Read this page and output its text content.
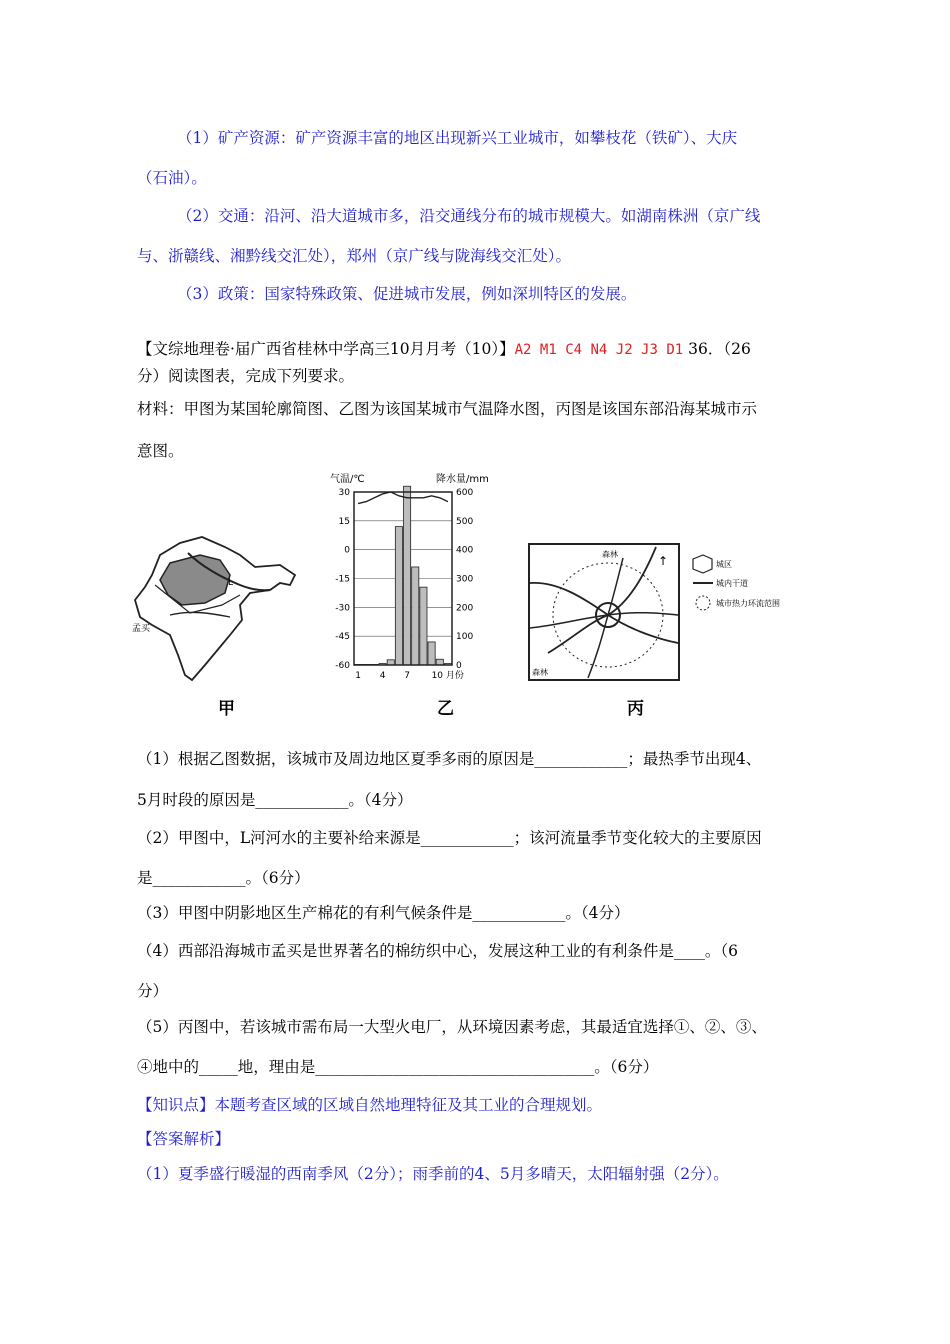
（1）矿产资源：矿产资源丰富的地区出现新兴工业城市，如攀枝花（铁矿）、大庆
（石油）。
（2）交通：沿河、沿大道城市多，沿交通线分布的城市规模大。如湖南株洲（京广线
与、浙赣线、湘黔线交汇处），郑州（京广线与陇海线交汇处）。
（3）政策：国家特殊政策、促进城市发展，例如深圳特区的发展。
【文综地理卷·届广西省桂林中学高三10月月考（10）】A2 M1 C4 N4 J2 J3 D1 36．（26
分）阅读图表，完成下列要求。
材料：甲图为某国轮廓简图、乙图为该国某城市气温降水图，丙图是该国东部沿海某城市示
意图。
L
孟买
甲
气温/℃	降水量/mm
30
15
0
-15
-30
-45
-60
600
500
400
300
200
100
0
1 4 7 10 月份
乙
森林
森林
↑	城区
城内干道
城市热力环流范围
丙
（1）根据乙图数据，该城市及周边地区夏季多雨的原因是____________；最热季节出现4、
5月时段的原因是____________。（4分）
（2）甲图中，L河河水的主要补给来源是____________；该河流量季节变化较大的主要原因
是____________。（6分）
（3）甲图中阴影地区生产棉花的有利气候条件是____________。（4分）
（4）西部沿海城市孟买是世界著名的棉纺织中心，发展这种工业的有利条件是____。（6
分）
（5）丙图中，若该城市需布局一大型火电厂，从环境因素考虑，其最适宜选择①、②、③、
④地中的_____地，理由是____________________________________。（6分）
【知识点】本题考查区域的区域自然地理特征及其工业的合理规划。
【答案解析】
（1）夏季盛行暖湿的西南季风（2分）；雨季前的4、5月多晴天，太阳辐射强（2分）。
